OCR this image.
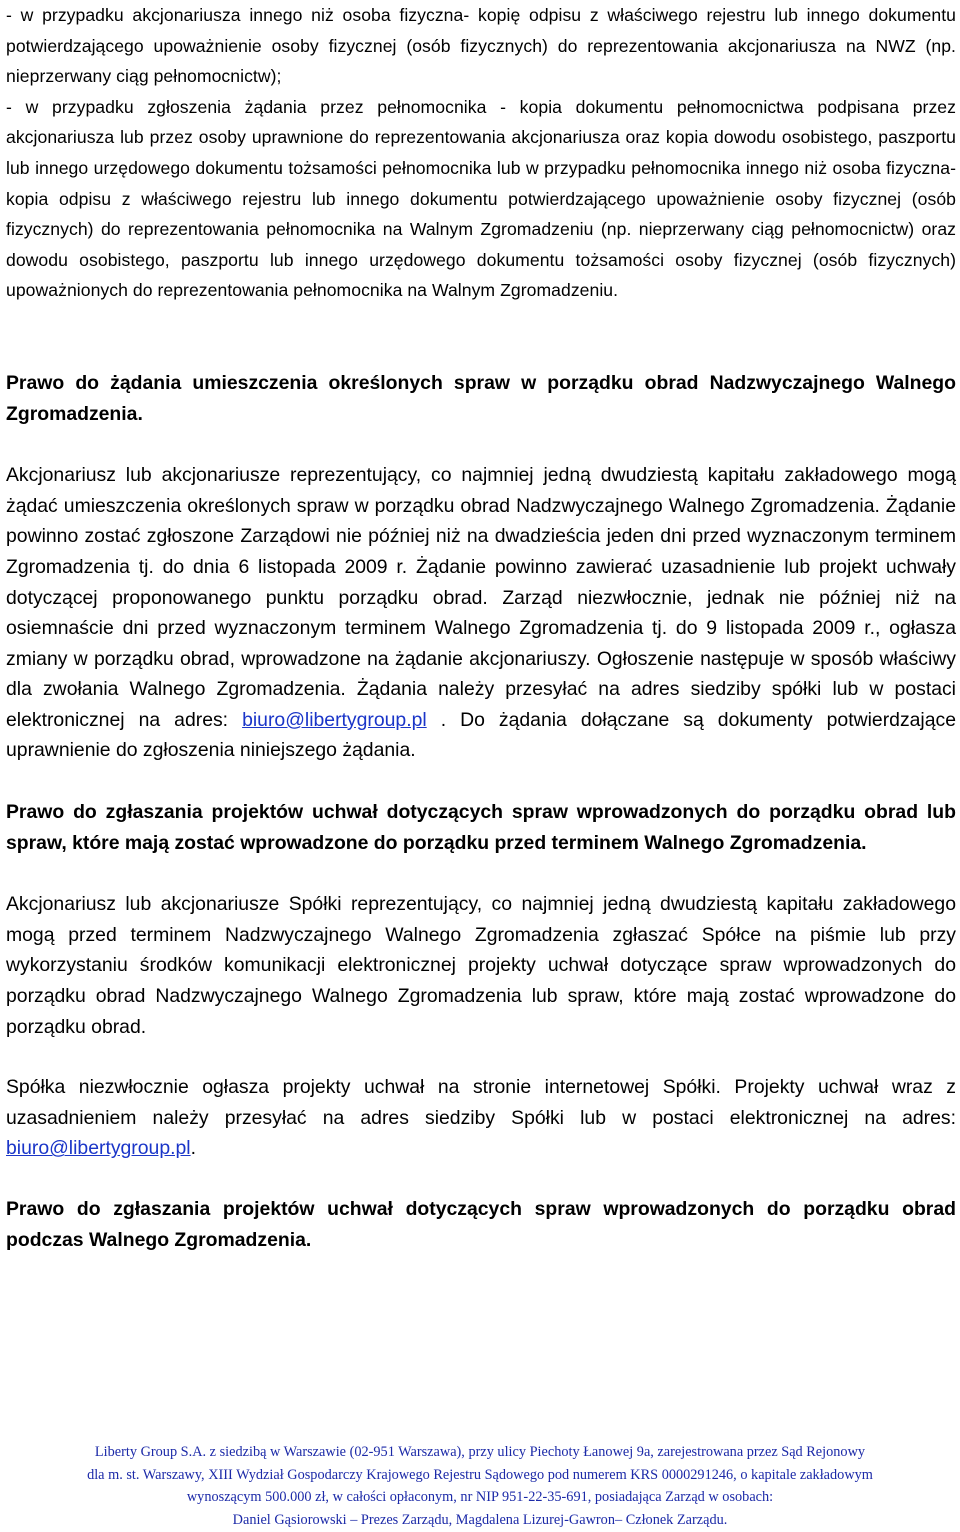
- w przypadku akcjonariusza innego niż osoba fizyczna- kopię odpisu z właściwego rejestru lub innego dokumentu potwierdzającego upoważnienie osoby fizycznej (osób fizycznych) do reprezentowania akcjonariusza na NWZ (np. nieprzerwany ciąg pełnomocnictw);

- w przypadku zgłoszenia żądania przez pełnomocnika - kopia dokumentu pełnomocnictwa podpisana przez akcjonariusza lub przez osoby uprawnione do reprezentowania akcjonariusza oraz kopia dowodu osobistego, paszportu lub innego urzędowego dokumentu tożsamości pełnomocnika lub w przypadku pełnomocnika innego niż osoba fizyczna- kopia odpisu z właściwego rejestru lub innego dokumentu potwierdzającego upoważnienie osoby fizycznej (osób fizycznych) do reprezentowania pełnomocnika na Walnym Zgromadzeniu (np. nieprzerwany ciąg pełnomocnictw) oraz dowodu osobistego, paszportu lub innego urzędowego dokumentu tożsamości osoby fizycznej (osób fizycznych) upoważnionych do reprezentowania pełnomocnika na Walnym Zgromadzeniu.

Prawo do żądania umieszczenia określonych spraw w porządku obrad Nadzwyczajnego Walnego Zgromadzenia.

Akcjonariusz lub akcjonariusze reprezentujący, co najmniej jedną dwudziestą kapitału zakładowego mogą żądać umieszczenia określonych spraw w porządku obrad Nadzwyczajnego Walnego Zgromadzenia. Żądanie powinno zostać zgłoszone Zarządowi nie później niż na dwadzieścia jeden dni przed wyznaczonym terminem Zgromadzenia tj. do dnia 6 listopada 2009 r. Żądanie powinno zawierać uzasadnienie lub projekt uchwały dotyczącej proponowanego punktu porządku obrad. Zarząd niezwłocznie, jednak nie później niż na osiemnaście dni przed wyznaczonym terminem Walnego Zgromadzenia tj. do 9 listopada 2009 r., ogłasza zmiany w porządku obrad, wprowadzone na żądanie akcjonariuszy. Ogłoszenie następuje w sposób właściwy dla zwołania Walnego Zgromadzenia. Żądania należy przesyłać na adres siedziby spółki lub w postaci elektronicznej na adres: biuro@libertygroup.pl . Do żądania dołączane są dokumenty potwierdzające uprawnienie do zgłoszenia niniejszego żądania.

Prawo do zgłaszania projektów uchwał dotyczących spraw wprowadzonych do porządku obrad lub spraw, które mają zostać wprowadzone do porządku przed terminem Walnego Zgromadzenia.

Akcjonariusz lub akcjonariusze Spółki reprezentujący, co najmniej jedną dwudziestą kapitału zakładowego mogą przed terminem Nadzwyczajnego Walnego Zgromadzenia zgłaszać Spółce na piśmie lub przy wykorzystaniu środków komunikacji elektronicznej projekty uchwał dotyczące spraw wprowadzonych do porządku obrad Nadzwyczajnego Walnego Zgromadzenia lub spraw, które mają zostać wprowadzone do porządku obrad.

Spółka niezwłocznie ogłasza projekty uchwał na stronie internetowej Spółki. Projekty uchwał wraz z uzasadnieniem należy przesyłać na adres siedziby Spółki lub w postaci elektronicznej na adres: biuro@libertygroup.pl.

Prawo do zgłaszania projektów uchwał dotyczących spraw wprowadzonych do porządku obrad podczas Walnego Zgromadzenia.

Liberty Group S.A. z siedzibą w Warszawie (02-951 Warszawa), przy ulicy Piechoty Łanowej 9a, zarejestrowana przez Sąd Rejonowy
dla m. st. Warszawy, XIII Wydział Gospodarczy Krajowego Rejestru Sądowego pod numerem KRS 0000291246, o kapitale zakładowym
wynoszącym 500.000 zł, w całości opłaconym, nr NIP 951-22-35-691, posiadająca Zarząd w osobach:
Daniel Gąsiorowski – Prezes Zarządu, Magdalena Lizurej-Gawron– Członek Zarządu.
